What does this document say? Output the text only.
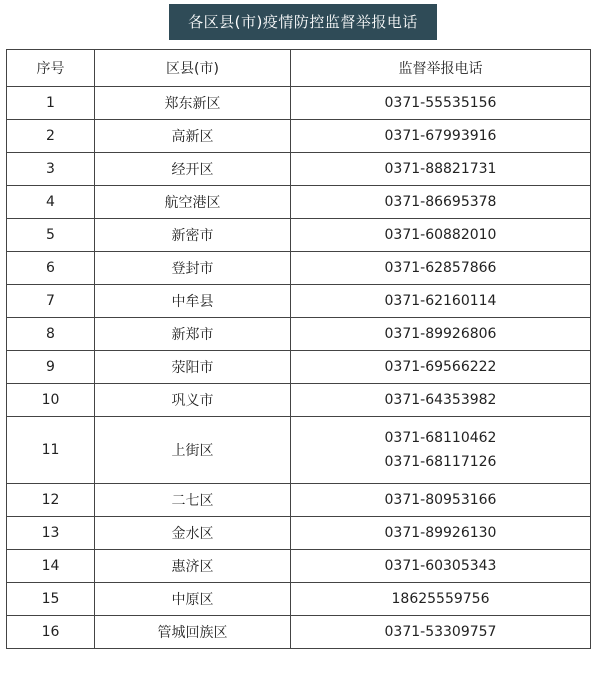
各区县(市)疫情防控监督举报电话
序号	区县(市)	监督举报电话
1	郑东新区	0371-55535156

2	高新区	0371-67993916

3	经开区	0371-88821731

4	航空港区	0371-86695378

5	新密市	0371-60882010

6	登封市	0371-62857866

7	中牟县	0371-62160114

8	新郑市	0371-89926806

9	荥阳市	0371-69566222

10	巩义市	0371-64353982

11	上街区	0371-68110462
0371-68117126

12	二七区	0371-80953166

13	金水区	0371-89926130

14	惠济区	0371-60305343

15	中原区	18625559756

16	管城回族区	0371-53309757
